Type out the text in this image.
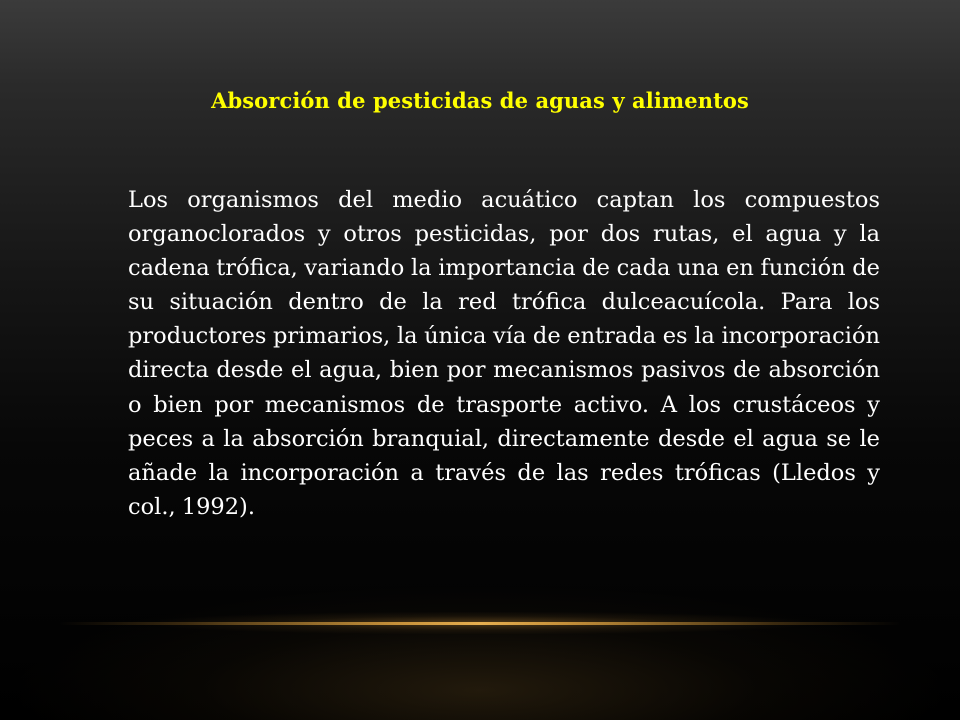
Absorción de pesticidas de aguas y alimentos

Los organismos del medio acuático captan los compuestos organoclorados y otros pesticidas, por dos rutas, el agua y la cadena trófica, variando la importancia de cada una en función de su situación dentro de la red trófica dulceacuícola. Para los productores primarios, la única vía de entrada es la incorporación directa desde el agua, bien por mecanismos pasivos de absorción o bien por mecanismos de trasporte activo. A los crustáceos y peces a la absorción branquial, directamente desde el agua se le añade la incorporación a través de las redes tróficas (Lledos y col., 1992).
